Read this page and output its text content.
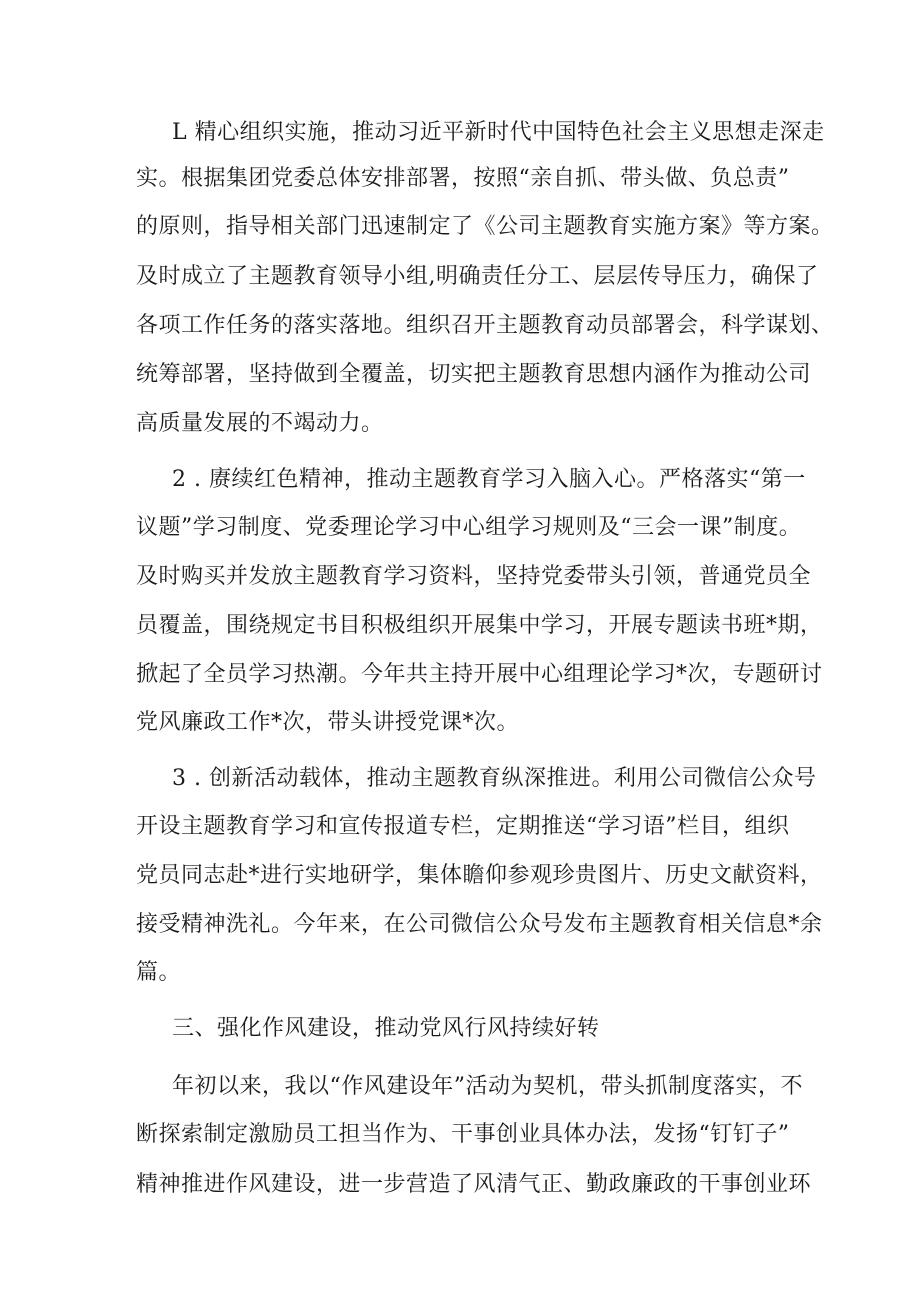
L 精心组织实施，推动习近平新时代中国特色社会主义思想走深走
实。根据集团党委总体安排部署，按照“亲自抓、带头做、负总责”
的原则，指导相关部门迅速制定了《公司主题教育实施方案》等方案。
及时成立了主题教育领导小组,明确责任分工、层层传导压力，确保了
各项工作任务的落实落地。组织召开主题教育动员部署会，科学谋划、
统筹部署，坚持做到全覆盖，切实把主题教育思想内涵作为推动公司
高质量发展的不竭动力。
2 . 赓续红色精神，推动主题教育学习入脑入心。严格落实“第一
议题”学习制度、党委理论学习中心组学习规则及“三会一课”制度。
及时购买并发放主题教育学习资料，坚持党委带头引领，普通党员全
员覆盖，围绕规定书目积极组织开展集中学习，开展专题读书班*期，
掀起了全员学习热潮。今年共主持开展中心组理论学习*次，专题研讨
党风廉政工作*次，带头讲授党课*次。
3 . 创新活动载体，推动主题教育纵深推进。利用公司微信公众号
开设主题教育学习和宣传报道专栏，定期推送“学习语”栏目，组织
党员同志赴*进行实地研学，集体瞻仰参观珍贵图片、历史文献资料，
接受精神洗礼。今年来，在公司微信公众号发布主题教育相关信息*余
篇。
三、强化作风建设，推动党风行风持续好转
年初以来，我以“作风建设年”活动为契机，带头抓制度落实，不
断探索制定激励员工担当作为、干事创业具体办法，发扬“钉钉子”
精神推进作风建设，进一步营造了风清气正、勤政廉政的干事创业环
